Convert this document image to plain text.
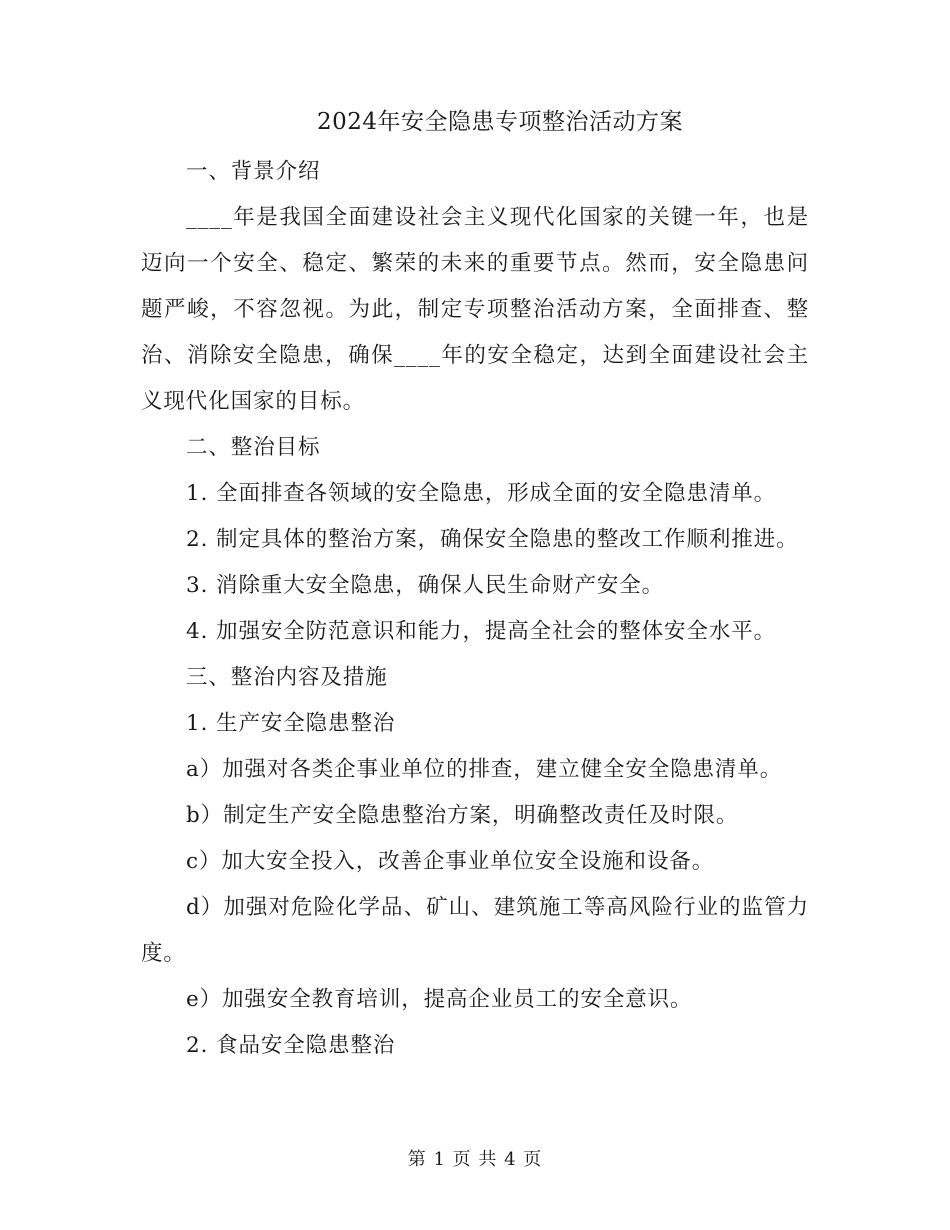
2024年安全隐患专项整治活动方案

一、背景介绍

____年是我国全面建设社会主义现代化国家的关键一年，也是迈向一个安全、稳定、繁荣的未来的重要节点。然而，安全隐患问题严峻，不容忽视。为此，制定专项整治活动方案，全面排查、整治、消除安全隐患，确保____年的安全稳定，达到全面建设社会主义现代化国家的目标。

二、整治目标

1. 全面排查各领域的安全隐患，形成全面的安全隐患清单。

2. 制定具体的整治方案，确保安全隐患的整改工作顺利推进。

3. 消除重大安全隐患，确保人民生命财产安全。

4. 加强安全防范意识和能力，提高全社会的整体安全水平。

三、整治内容及措施

1. 生产安全隐患整治

a）加强对各类企事业单位的排查，建立健全安全隐患清单。

b）制定生产安全隐患整治方案，明确整改责任及时限。

c）加大安全投入，改善企事业单位安全设施和设备。

d）加强对危险化学品、矿山、建筑施工等高风险行业的监管力度。

e）加强安全教育培训，提高企业员工的安全意识。

2. 食品安全隐患整治

第 1 页 共 4 页
